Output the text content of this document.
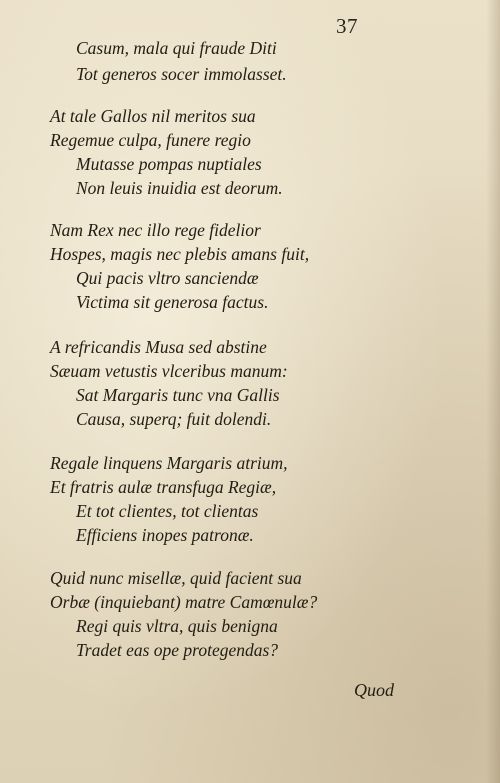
37
Casum, mala qui fraude Diti
Tot generos socer immolasset.
At tale Gallos nil meritos sua
Regemue culpa, funere regio
Mutasse pompas nuptiales
Non leuis inuidia est deorum.
Nam Rex nec illo rege fidelior
Hospes, magis nec plebis amans fuit,
Qui pacis vltro sanciendæ
Victima sit generosa factus.
A refricandis Musa sed abstine
Sæuam vetustis vlceribus manum:
Sat Margaris tunc vna Gallis
Causa, superq; fuit dolendi.
Regale linquens Margaris atrium,
Et fratris aulæ transfuga Regiæ,
Et tot clientes, tot clientas
Efficiens inopes patronæ.
Quid nunc misellæ, quid facient sua
Orbæ (inquiebant) matre Camœnulæ?
Regi quis vltra, quis benigna
Tradet eas ope protegendas?
Quod
